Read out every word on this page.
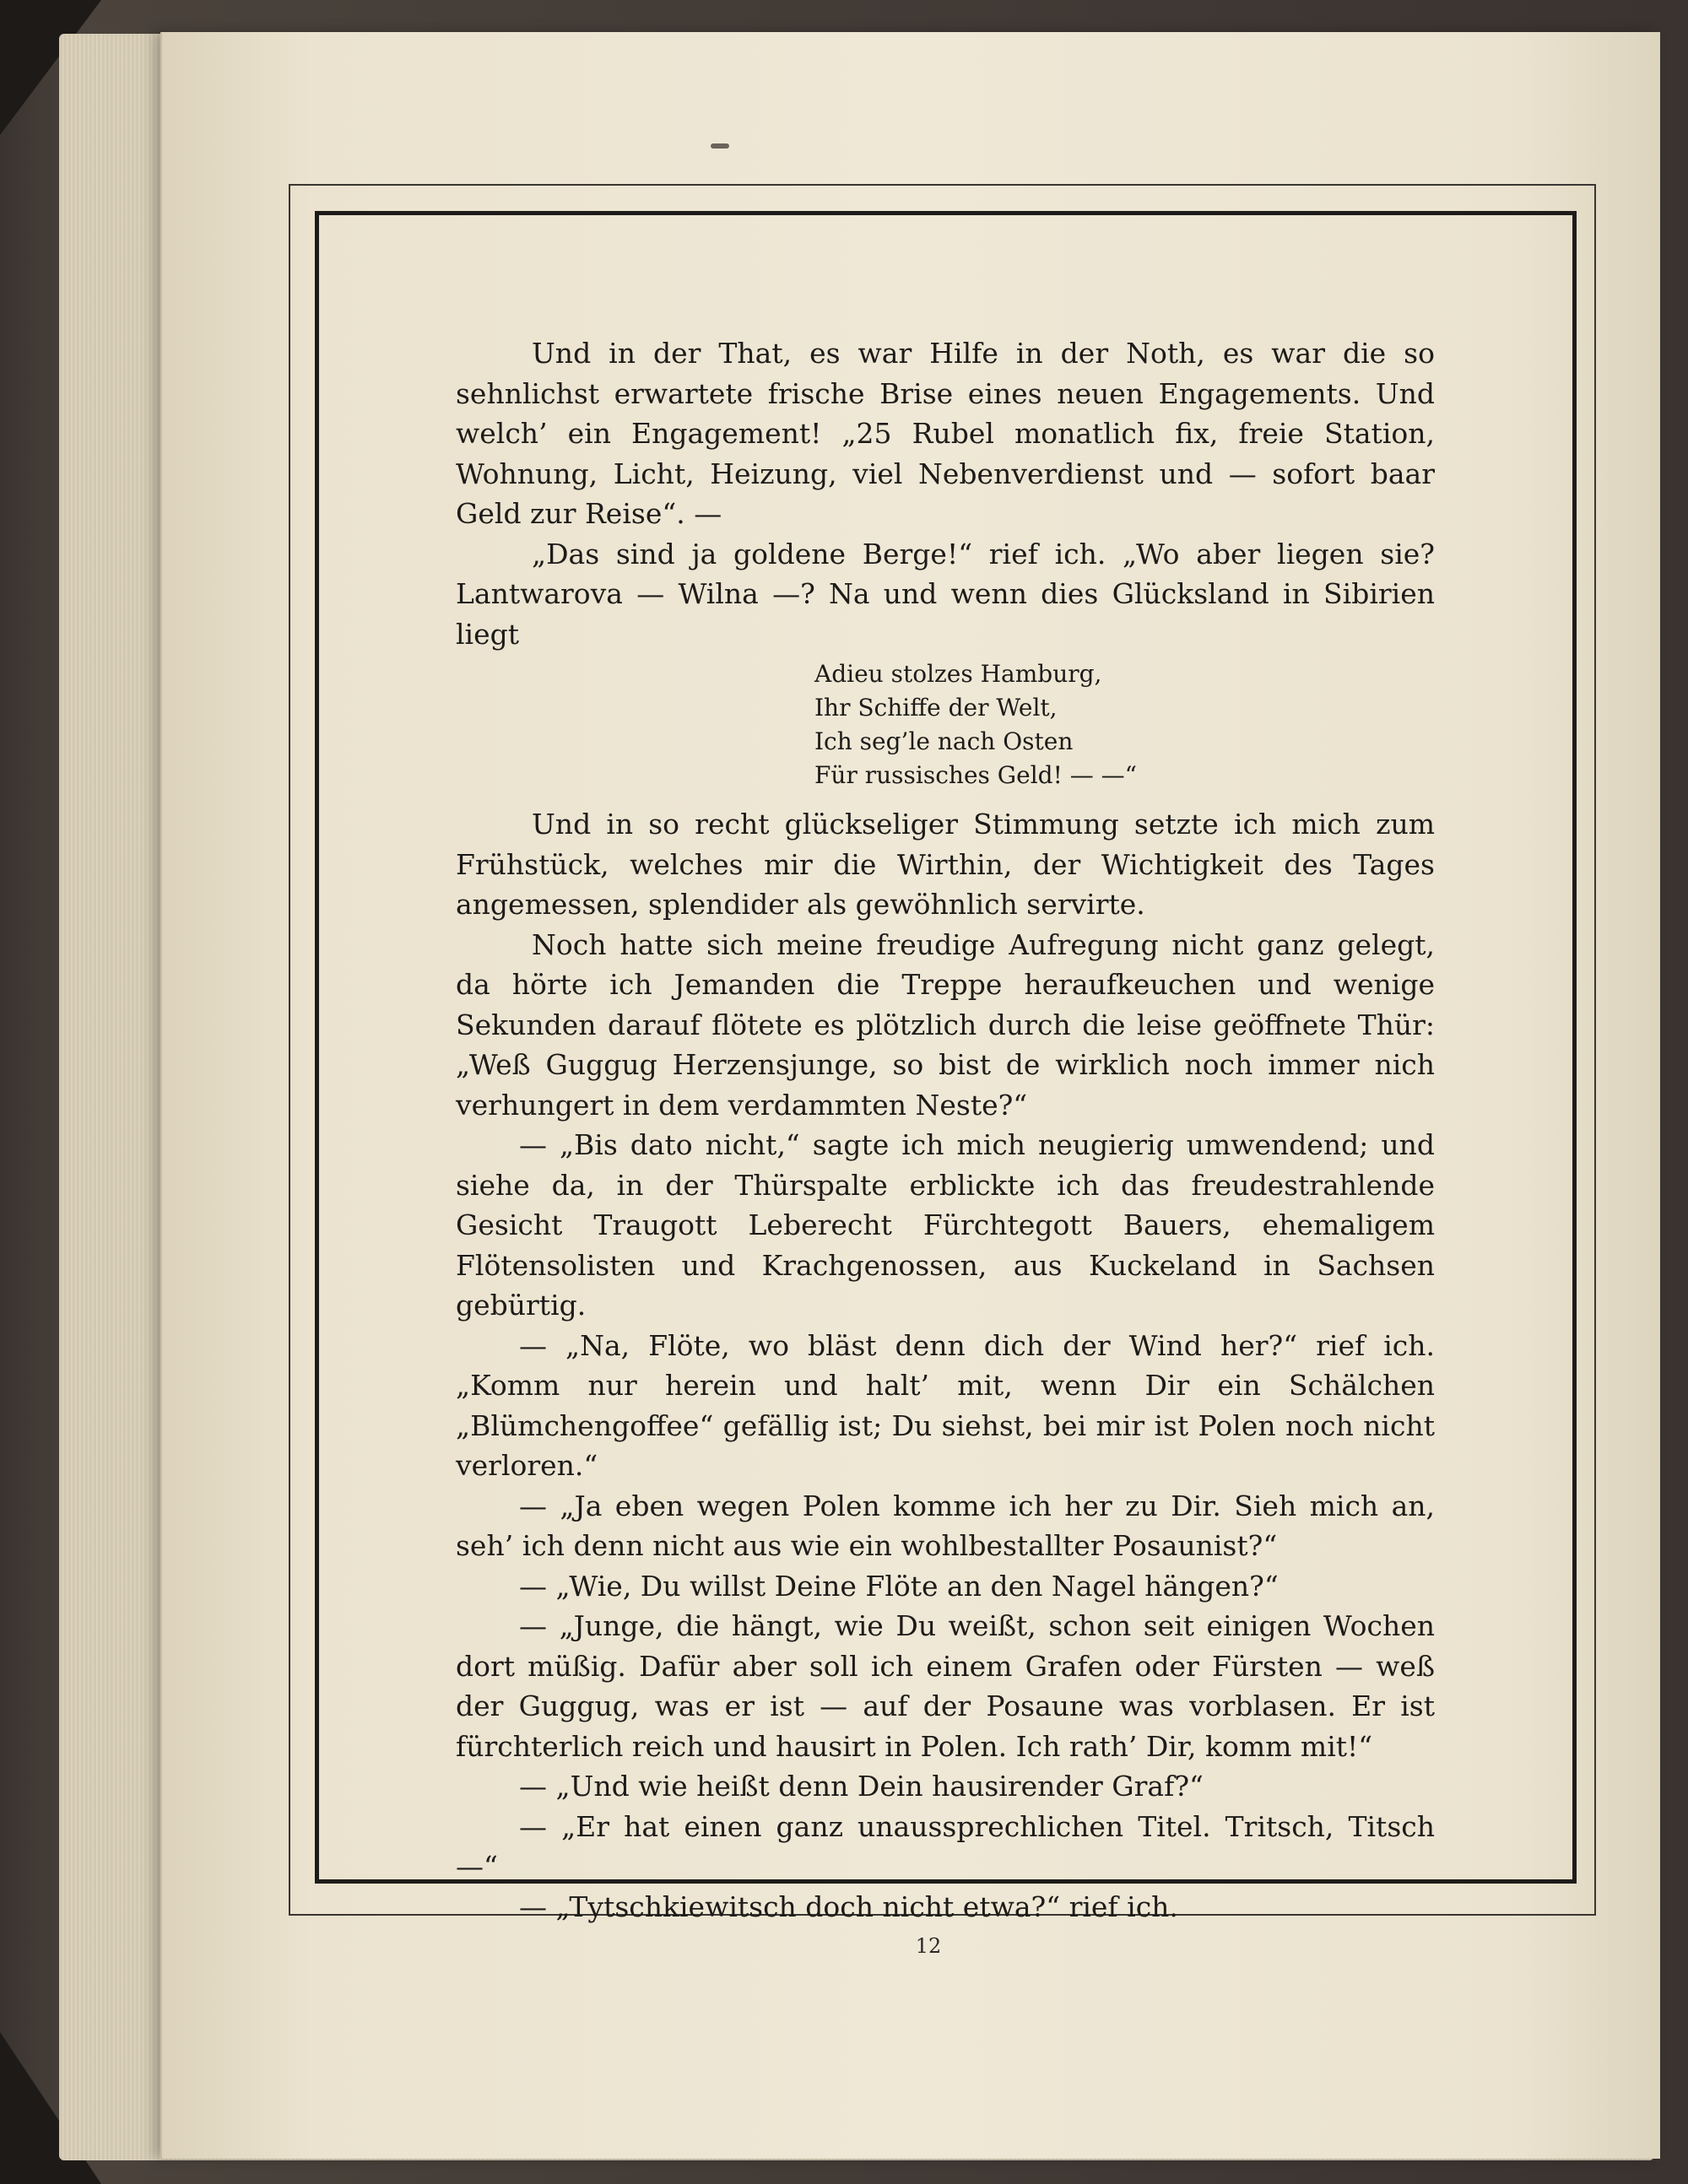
Und in der That, es war Hilfe in der Noth, es war die so sehnlichst erwartete frische Brise eines neuen Engagements. Und welch’ ein Engagement! „25 Rubel monatlich fix, freie Station, Wohnung, Licht, Heizung, viel Nebenverdienst und — sofort baar Geld zur Reise“. —

„Das sind ja goldene Berge!“ rief ich. „Wo aber liegen sie? Lantwarova — Wilna —? Na und wenn dies Glücksland in Sibirien liegt

Adieu stolzes Hamburg,
Ihr Schiffe der Welt,
Ich seg’le nach Osten
Für russisches Geld! — —“

Und in so recht glückseliger Stimmung setzte ich mich zum Frühstück, welches mir die Wirthin, der Wichtigkeit des Tages angemessen, splendider als gewöhnlich servirte.

Noch hatte sich meine freudige Aufregung nicht ganz gelegt, da hörte ich Jemanden die Treppe heraufkeuchen und wenige Sekunden darauf flötete es plötzlich durch die leise geöffnete Thür: „Weß Guggug Herzensjunge, so bist de wirklich noch immer nich verhungert in dem verdammten Neste?“

— „Bis dato nicht,“ sagte ich mich neugierig umwendend; und siehe da, in der Thürspalte erblickte ich das freudestrahlende Gesicht Traugott Leberecht Fürchtegott Bauers, ehemaligem Flötensolisten und Krachgenossen, aus Kuckeland in Sachsen gebürtig.

— „Na, Flöte, wo bläst denn dich der Wind her?“ rief ich. „Komm nur herein und halt’ mit, wenn Dir ein Schälchen „Blümchengoffee“ gefällig ist; Du siehst, bei mir ist Polen noch nicht verloren.“

— „Ja eben wegen Polen komme ich her zu Dir. Sieh mich an, seh’ ich denn nicht aus wie ein wohlbestallter Posaunist?“

— „Wie, Du willst Deine Flöte an den Nagel hängen?“

— „Junge, die hängt, wie Du weißt, schon seit einigen Wochen dort müßig. Dafür aber soll ich einem Grafen oder Fürsten — weß der Guggug, was er ist — auf der Posaune was vorblasen. Er ist fürchterlich reich und hausirt in Polen. Ich rath’ Dir, komm mit!“

— „Und wie heißt denn Dein hausirender Graf?“

— „Er hat einen ganz unaussprechlichen Titel. Tritsch, Titsch —“

— „Tytschkiewitsch doch nicht etwa?“ rief ich.

12
